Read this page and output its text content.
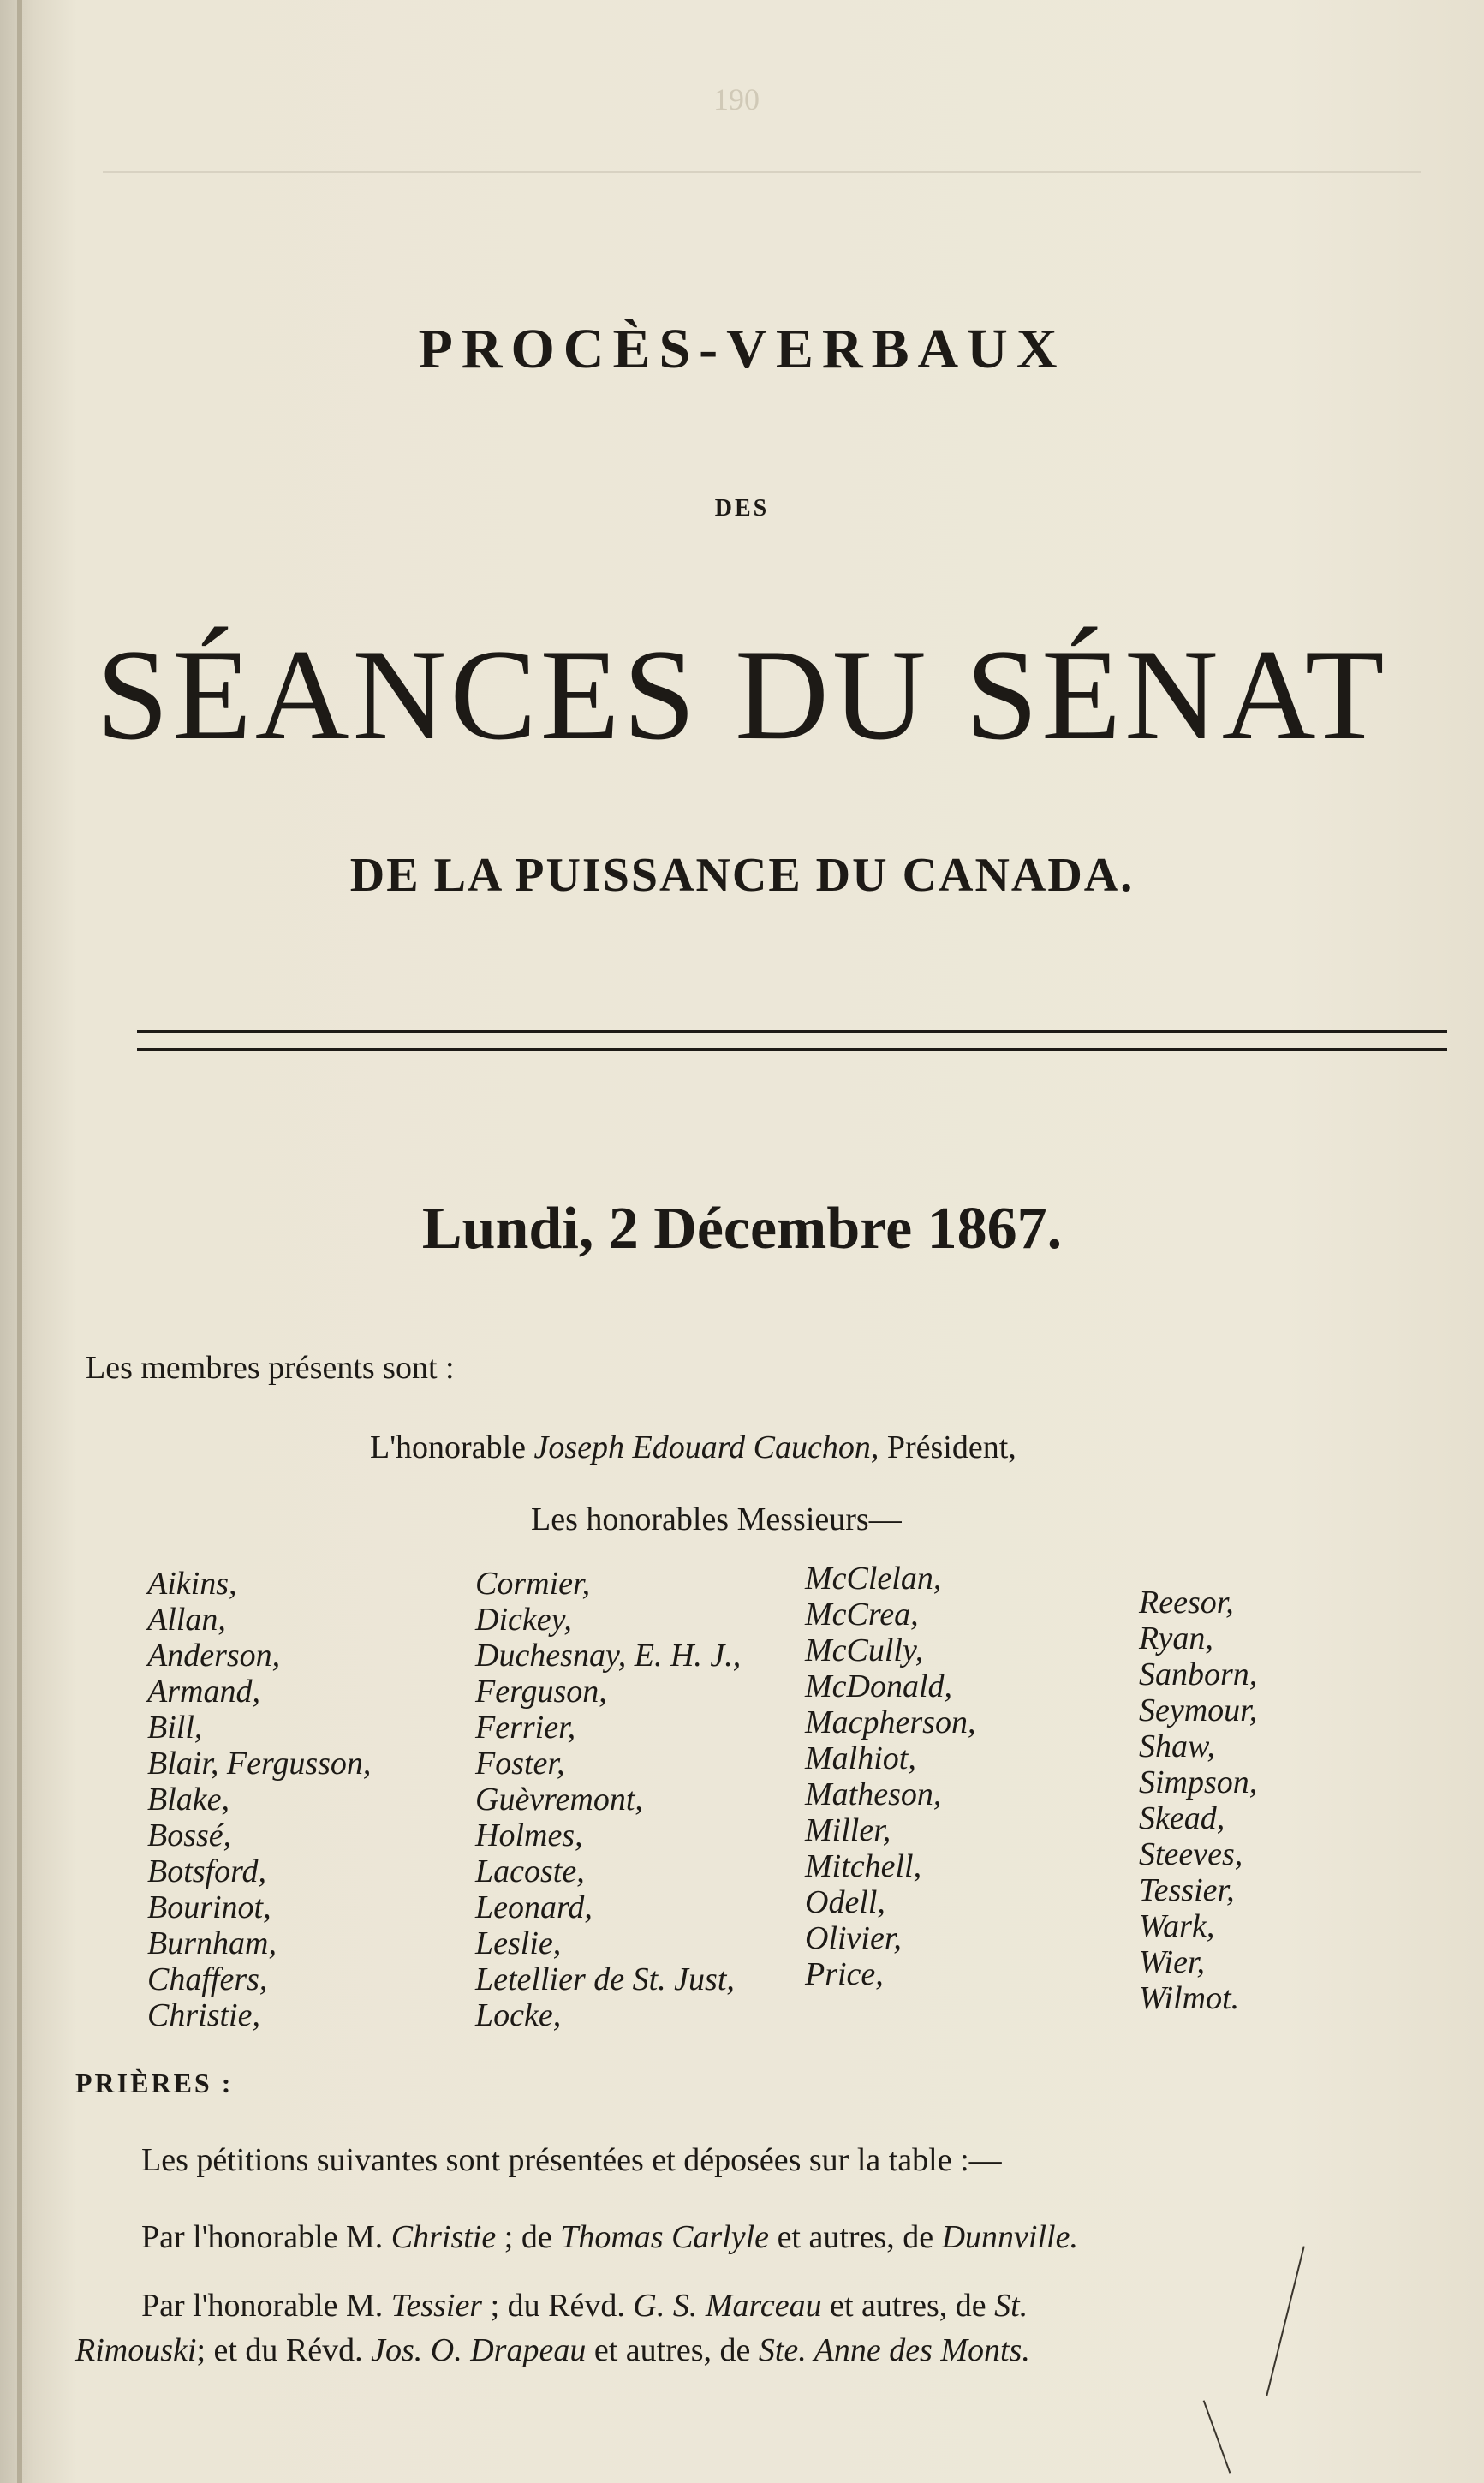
190
PROCÈS-VERBAUX
DES
SÉANCES DU SÉNAT
DE LA PUISSANCE DU CANADA.
Lundi, 2 Décembre 1867.
Les membres présents sont :
L'honorable Joseph Edouard Cauchon, Président,
Les honorables Messieurs—
Aikins,
Allan,
Anderson,
Armand,
Bill,
Blair, Fergusson,
Blake,
Bossé,
Botsford,
Bourinot,
Burnham,
Chaffers,
Christie,
Cormier,
Dickey,
Duchesnay, E. H. J.,
Ferguson,
Ferrier,
Foster,
Guèvremont,
Holmes,
Lacoste,
Leonard,
Leslie,
Letellier de St. Just,
Locke,
McClelan,
McCrea,
McCully,
McDonald,
Macpherson,
Malhiot,
Matheson,
Miller,
Mitchell,
Odell,
Olivier,
Price,
Reesor,
Ryan,
Sanborn,
Seymour,
Shaw,
Simpson,
Skead,
Steeves,
Tessier,
Wark,
Wier,
Wilmot.
PRIÈRES :
Les pétitions suivantes sont présentées et déposées sur la table :—
Par l'honorable M. Christie ; de Thomas Carlyle et autres, de Dunnville.
Par l'honorable M. Tessier ; du Révd. G. S. Marceau et autres, de St.
Rimouski; et du Révd. Jos. O. Drapeau et autres, de Ste. Anne des Monts.
